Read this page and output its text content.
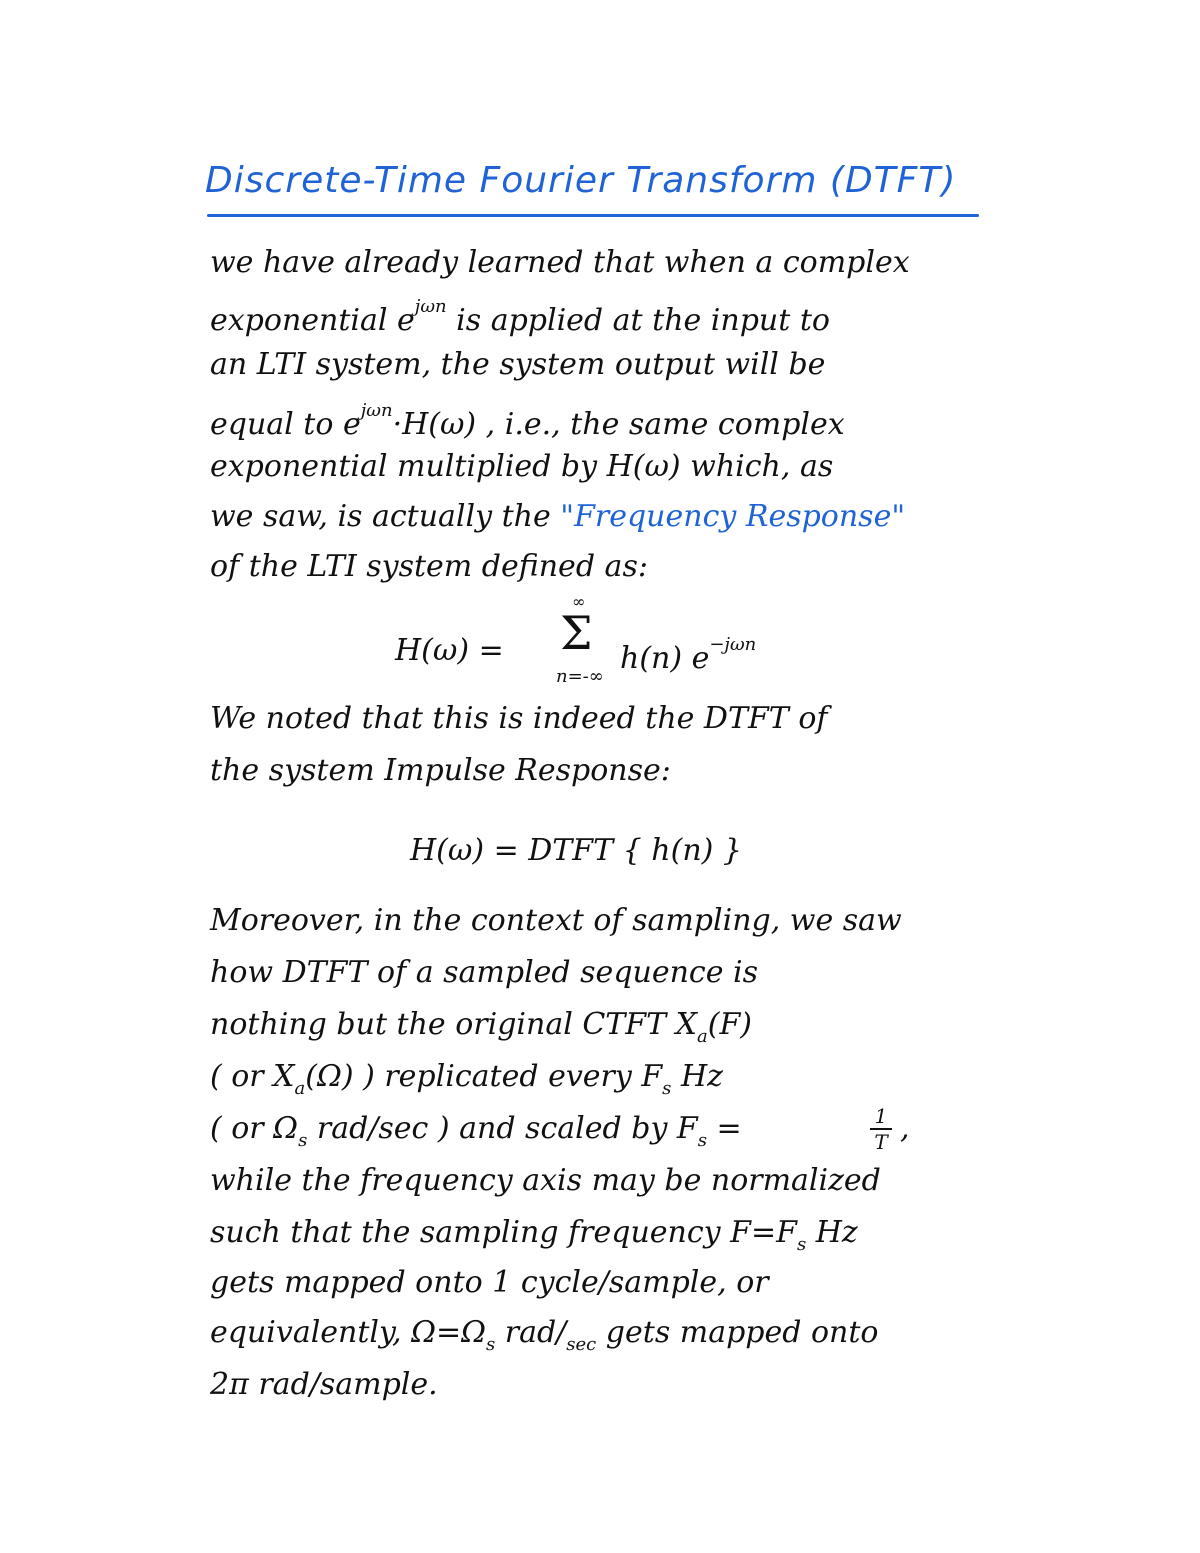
Discrete-Time Fourier Transform (DTFT)
we have already learned that when a complex
exponential $e^{j\omega n}$ is applied at the input to
an LTI system, the system output will be
equal to $e^{j\omega n}\cdot H(\omega)$ , i.e., the same complex
exponential multiplied by H(ω) which, as
we saw, is actually the "Frequency Response"
of the LTI system defined as:
H(ω) =
∞
Σ
n=-∞
h(n) $e^{-j\omega n}$
We noted that this is indeed the DTFT of
the system Impulse Response:
H(ω) = DTFT { h(n) }
Moreover, in the context of sampling, we saw
how DTFT of a sampled sequence is
nothing but the original CTFT $X_a(F)$
( or $X_a(\Omega)$ ) replicated every $F_s$ Hz
( or $\Omega_s$ rad/sec ) and scaled by $F_s$ =	1
T ,
while the frequency axis may be normalized
such that the sampling frequency $F=F_s$ Hz
gets mapped onto 1 cycle/sample, or
equivalently, $\Omega=\Omega_s$ rad/$_{sec}$ gets mapped onto
2π rad/sample.
